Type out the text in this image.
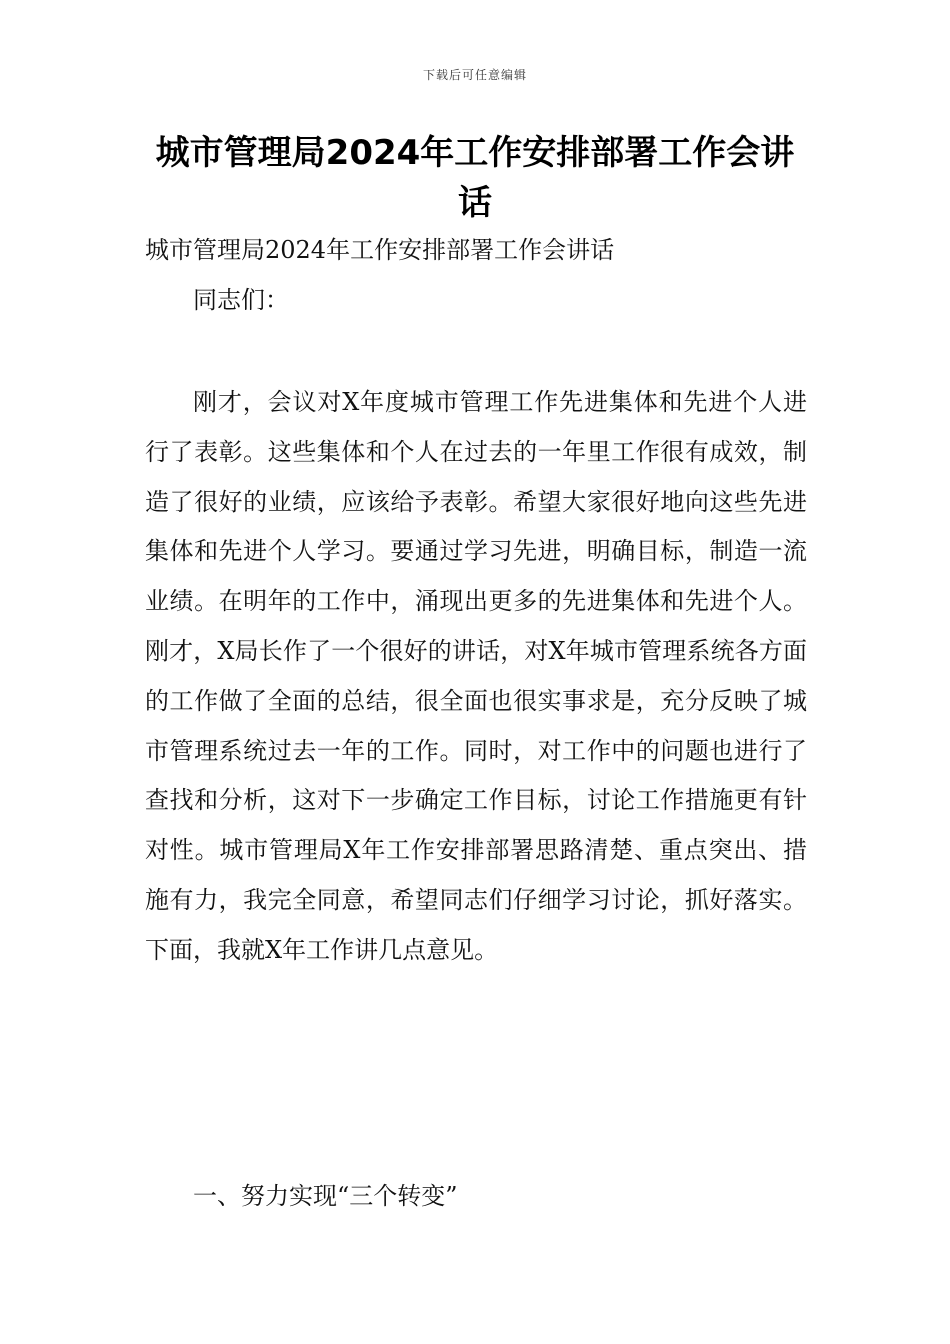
下载后可任意编辑
城市管理局2024年工作安排部署工作会讲话

城市管理局2024年工作安排部署工作会讲话

同志们：

刚才，会议对X年度城市管理工作先进集体和先进个人进行了表彰。这些集体和个人在过去的一年里工作很有成效，制造了很好的业绩，应该给予表彰。希望大家很好地向这些先进集体和先进个人学习。要通过学习先进，明确目标，制造一流业绩。在明年的工作中，涌现出更多的先进集体和先进个人。刚才，X局长作了一个很好的讲话，对X年城市管理系统各方面的工作做了全面的总结，很全面也很实事求是，充分反映了城市管理系统过去一年的工作。同时，对工作中的问题也进行了查找和分析，这对下一步确定工作目标，讨论工作措施更有针对性。城市管理局X年工作安排部署思路清楚、重点突出、措施有力，我完全同意，希望同志们仔细学习讨论，抓好落实。下面，我就X年工作讲几点意见。

一、努力实现“三个转变”
